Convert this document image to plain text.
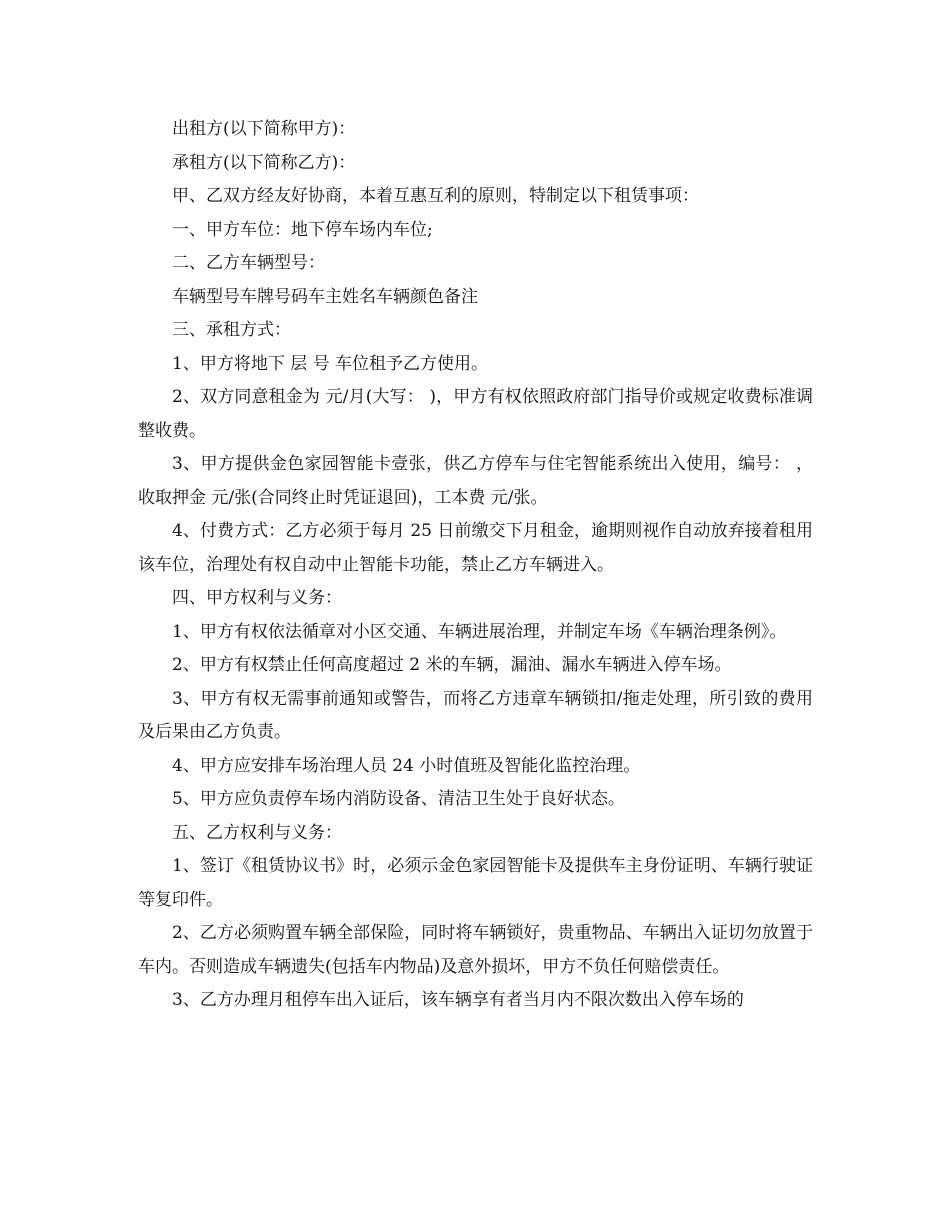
出租方(以下简称甲方)：

承租方(以下简称乙方)：

甲、乙双方经友好协商，本着互惠互利的原则，特制定以下租赁事项：

一、甲方车位：地下停车场内车位;

二、乙方车辆型号：

车辆型号车牌号码车主姓名车辆颜色备注

三、承租方式：

1、甲方将地下 层 号 车位租予乙方使用。

2、双方同意租金为 元/月(大写： )，甲方有权依照政府部门指导价或规定收费标准调整收费。

3、甲方提供金色家园智能卡壹张，供乙方停车与住宅智能系统出入使用，编号： ，收取押金 元/张(合同终止时凭证退回)，工本费 元/张。

4、付费方式：乙方必须于每月 25 日前缴交下月租金，逾期则视作自动放弃接着租用该车位，治理处有权自动中止智能卡功能，禁止乙方车辆进入。

四、甲方权利与义务：

1、甲方有权依法循章对小区交通、车辆进展治理，并制定车场《车辆治理条例》。

2、甲方有权禁止任何高度超过 2 米的车辆，漏油、漏水车辆进入停车场。

3、甲方有权无需事前通知或警告，而将乙方违章车辆锁扣/拖走处理，所引致的费用及后果由乙方负责。

4、甲方应安排车场治理人员 24 小时值班及智能化监控治理。

5、甲方应负责停车场内消防设备、清洁卫生处于良好状态。

五、乙方权利与义务：

1、签订《租赁协议书》时，必须示金色家园智能卡及提供车主身份证明、车辆行驶证等复印件。

2、乙方必须购置车辆全部保险，同时将车辆锁好，贵重物品、车辆出入证切勿放置于车内。否则造成车辆遗失(包括车内物品)及意外损坏，甲方不负任何赔偿责任。

3、乙方办理月租停车出入证后，该车辆享有者当月内不限次数出入停车场的
